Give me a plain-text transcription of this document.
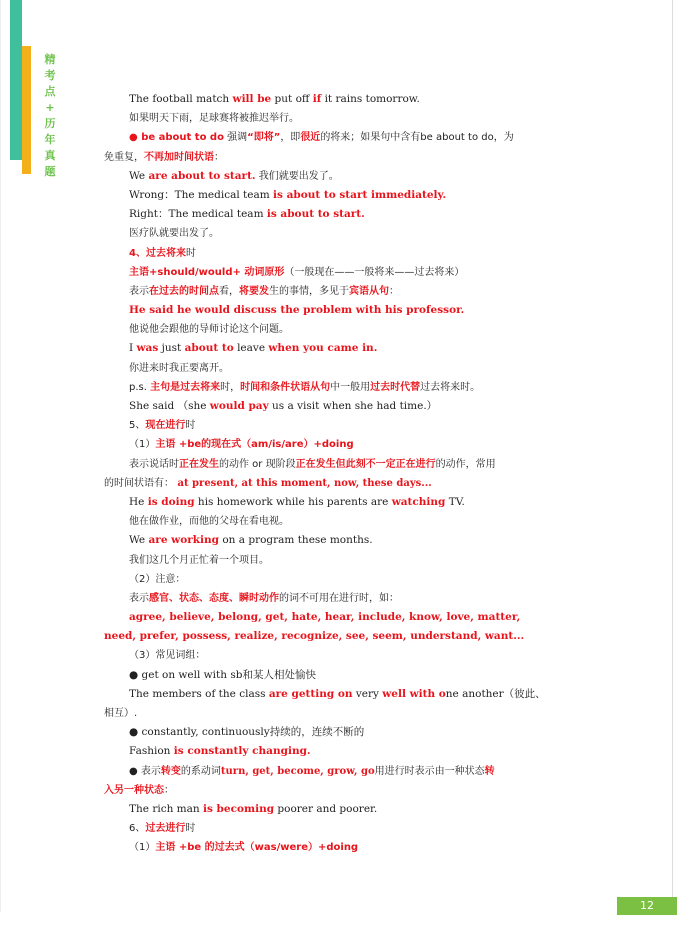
精
考
点
+
历
年
真
题
The football match will be put off if it rains tomorrow.
如果明天下雨，足球赛将被推迟举行。
● be about to do 强调“即将”，即很近的将来；如果句中含有be about to do，为
免重复，不再加时间状语：
We are about to start. 我们就要出发了。
Wrong：The medical team is about to start immediately.
Right：The medical team is about to start.
医疗队就要出发了。
4、过去将来时
主语+should/would+ 动词原形（一般现在——一般将来——过去将来）
表示在过去的时间点看，将要发生的事情，多见于宾语从句：
He said he would discuss the problem with his professor.
他说他会跟他的导师讨论这个问题。
I was just about to leave when you came in.
你进来时我正要离开。
p.s. 主句是过去将来时，时间和条件状语从句中一般用过去时代替过去将来时。
She said （she would pay us a visit when she had time.）
5、现在进行时
（1）主语 +be的现在式（am/is/are）+doing
表示说话时正在发生的动作 or 现阶段正在发生但此刻不一定正在进行的动作，常用
的时间状语有： at present, at this moment, now, these days...
He is doing his homework while his parents are watching TV.
他在做作业，而他的父母在看电视。
We are working on a program these months.
我们这几个月正忙着一个项目。
（2）注意：
表示感官、状态、态度、瞬时动作的词不可用在进行时，如：
agree, believe, belong, get, hate, hear, include, know, love, matter,
need, prefer, possess, realize, recognize, see, seem, understand, want...
（3）常见词组：
● get on well with sb和某人相处愉快
The members of the class are getting on very well with one another（彼此、
相互）.
● constantly, continuously持续的，连续不断的
Fashion is constantly changing.
● 表示转变的系动词turn, get, become, grow, go用进行时表示由一种状态转
入另一种状态：
The rich man is becoming poorer and poorer.
6、过去进行时
（1）主语 +be 的过去式（was/were）+doing
12
